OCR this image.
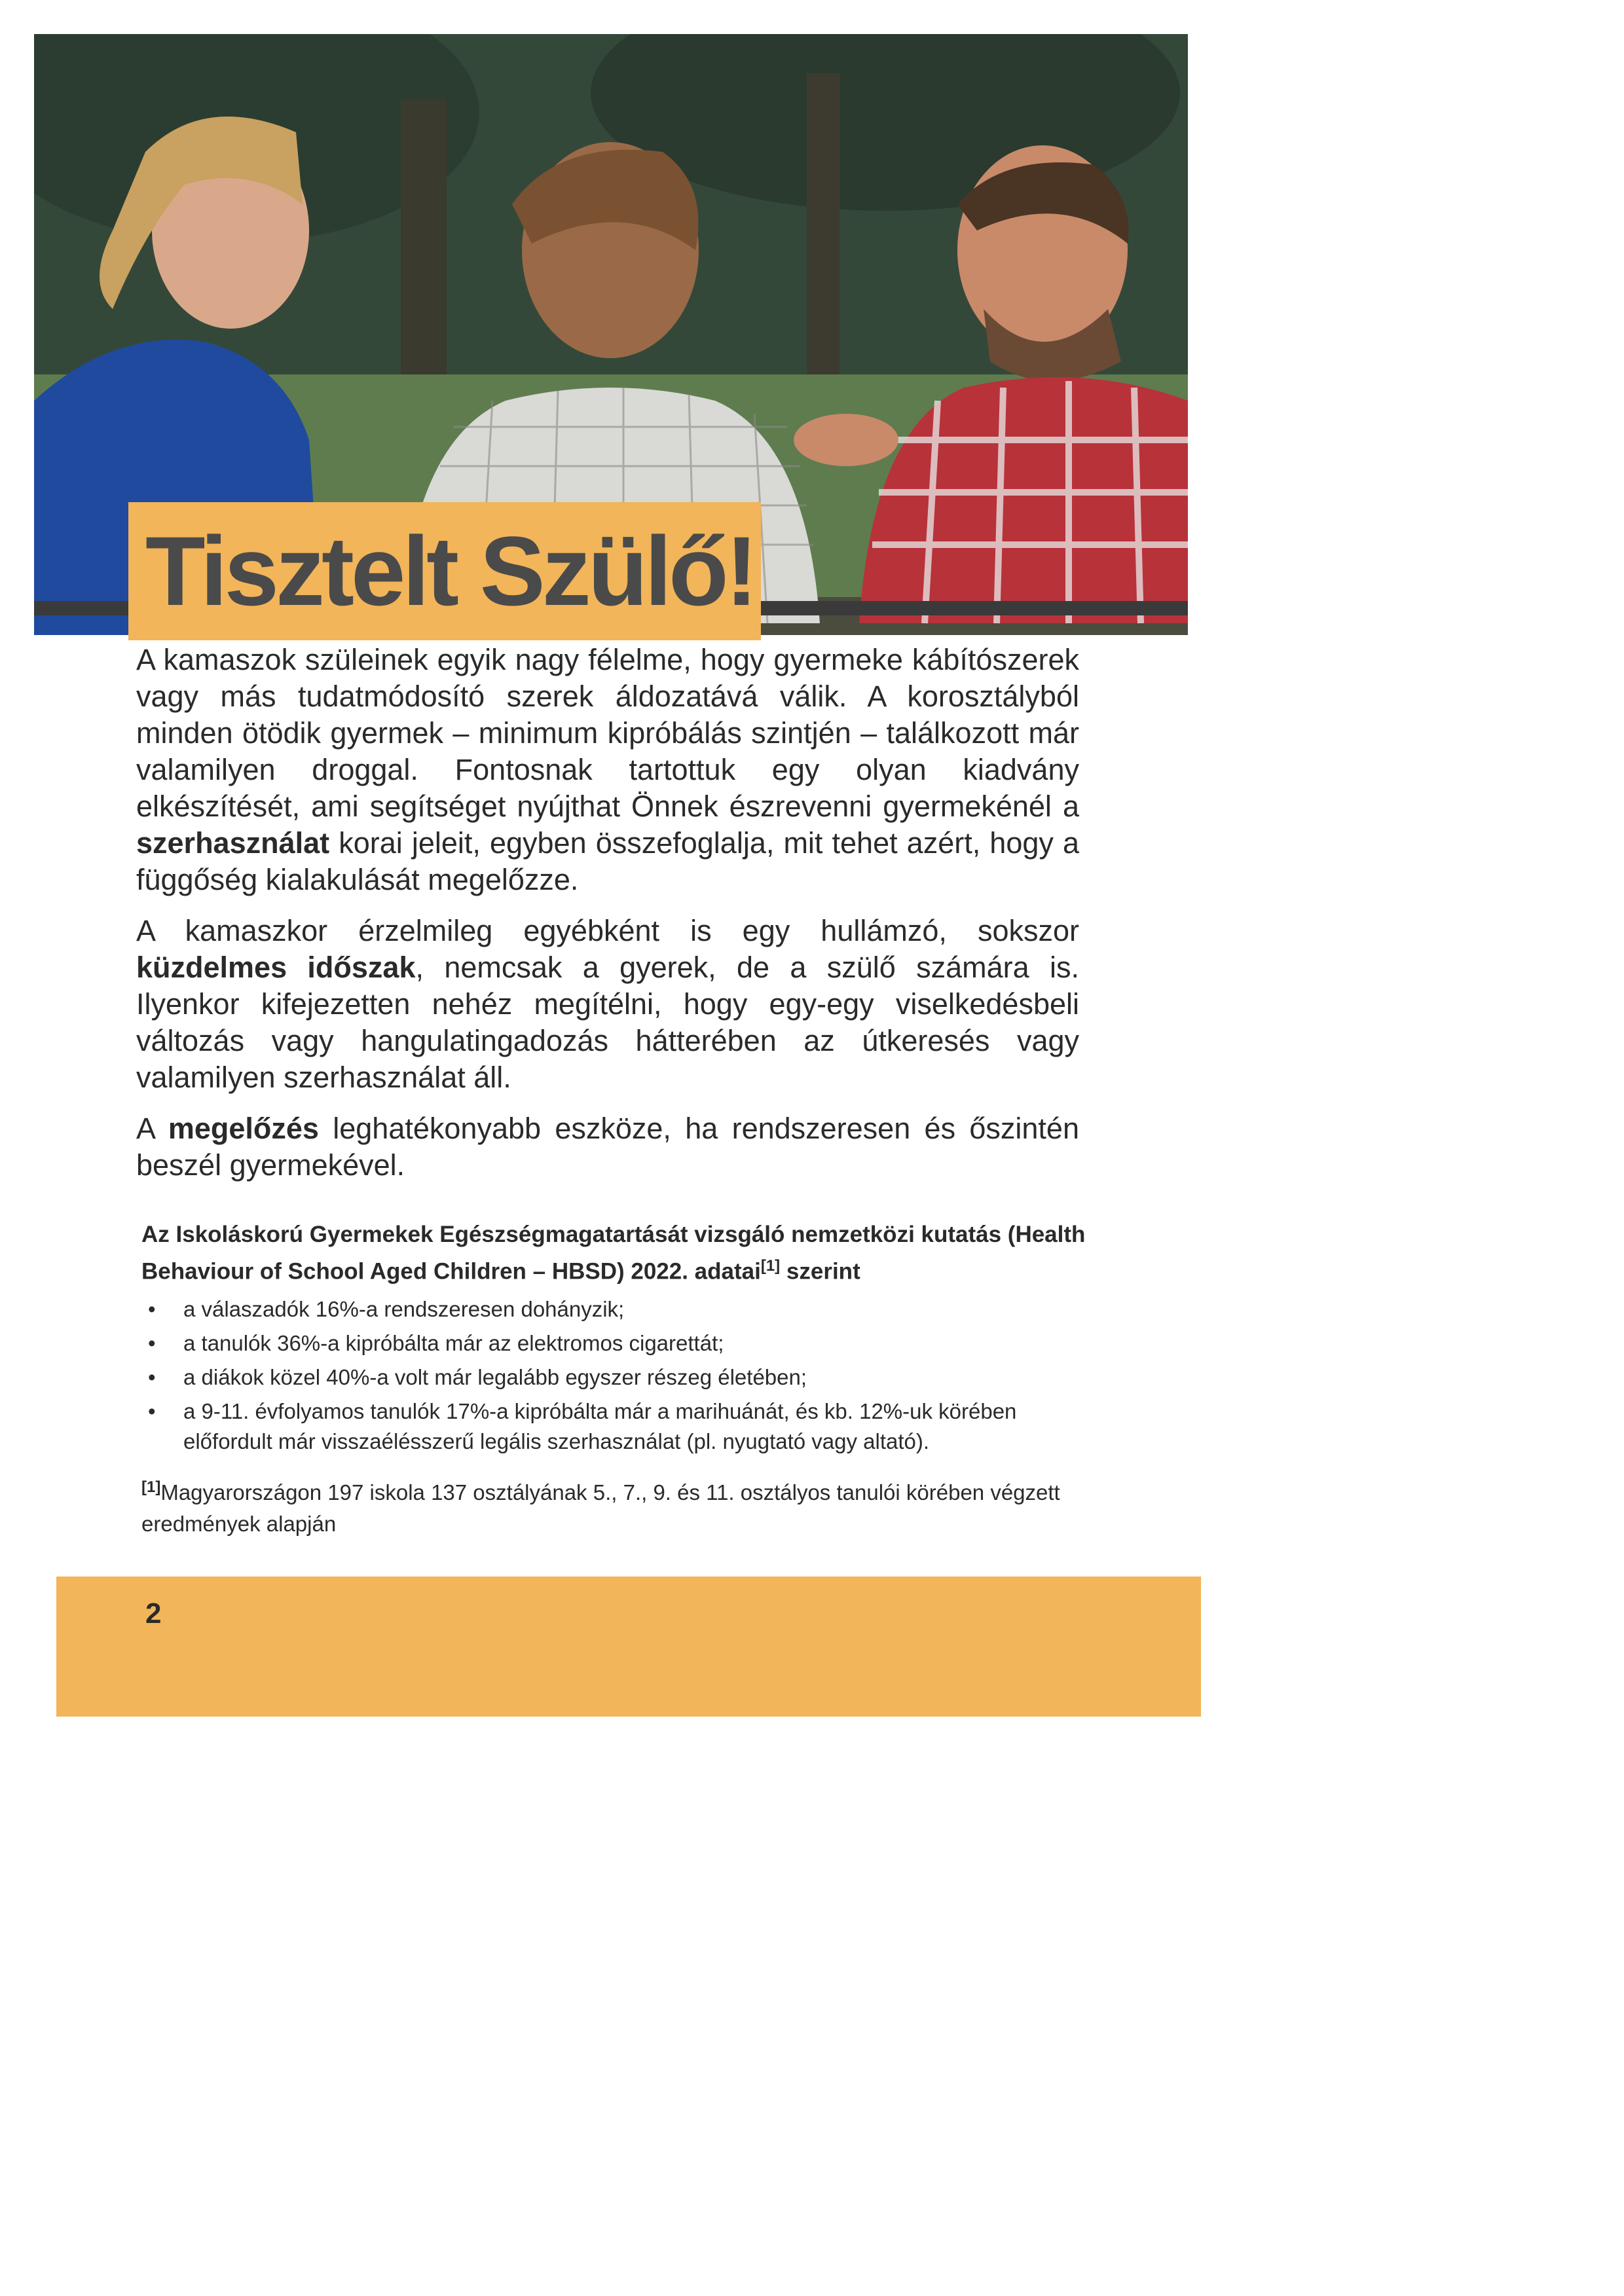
Tisztelt Szülő!

A kamaszok szüleinek egyik nagy félelme, hogy gyermeke kábítószerek vagy más tudatmódosító szerek áldozatává válik. A korosztályból minden ötödik gyermek – minimum kipróbálás szintjén – találkozott már valamilyen droggal. Fontosnak tartottuk egy olyan kiadvány elkészítését, ami segítséget nyújthat Önnek észrevenni gyermekénél a szerhasználat korai jeleit, egyben összefoglalja, mit tehet azért, hogy a függőség kialakulását megelőzze.

A kamaszkor érzelmileg egyébként is egy hullámzó, sokszor küzdelmes időszak, nemcsak a gyerek, de a szülő számára is. Ilyenkor kifejezetten nehéz megítélni, hogy egy-egy viselkedésbeli változás vagy hangulatingadozás hátterében az útkeresés vagy valamilyen szerhasználat áll.

A megelőzés leghatékonyabb eszköze, ha rendszeresen és őszintén beszél gyermekével.

Az Iskoláskorú Gyermekek Egészségmagatartását vizsgáló nemzetközi kutatás (Health Behaviour of School Aged Children – HBSD) 2022. adatai[1] szerint

• a válaszadók 16%-a rendszeresen dohányzik;
• a tanulók 36%-a kipróbálta már az elektromos cigarettát;
• a diákok közel 40%-a volt már legalább egyszer részeg életében;
• a 9-11. évfolyamos tanulók 17%-a kipróbálta már a marihuánát, és kb. 12%-uk körében előfordult már visszaélésszerű legális szerhasználat (pl. nyugtató vagy altató).
[1]Magyarországon 197 iskola 137 osztályának 5., 7., 9. és 11. osztályos tanulói körében végzett eredmények alapján
2
